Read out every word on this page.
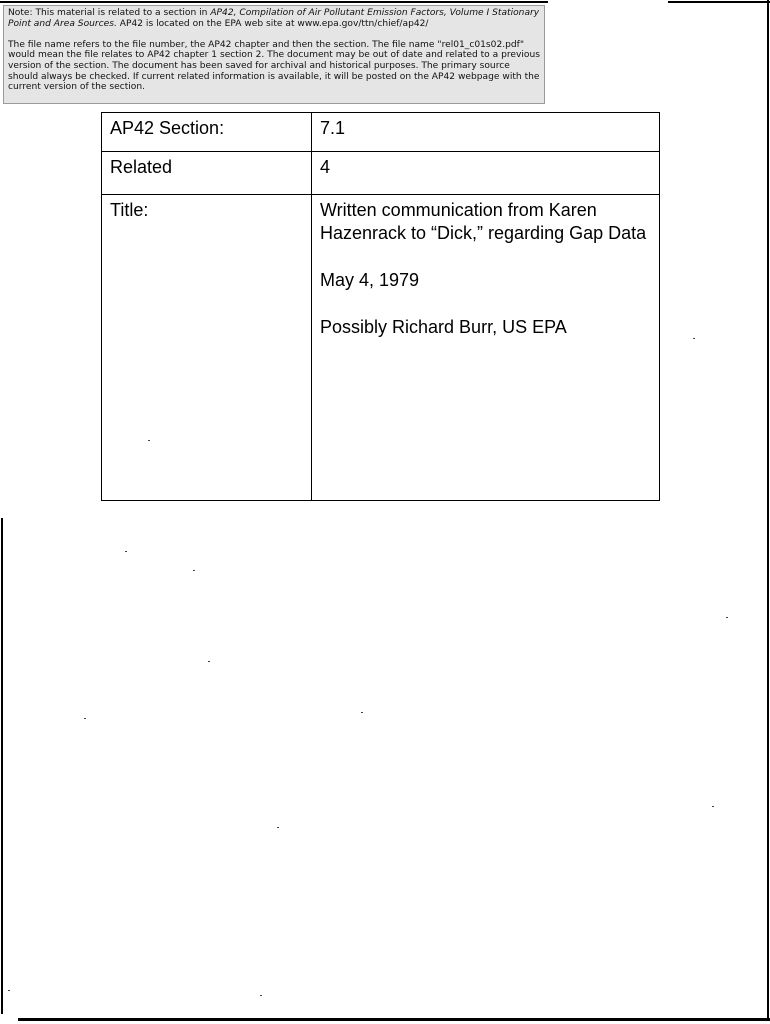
Note: This material is related to a section in AP42, Compilation of Air Pollutant Emission Factors, Volume I Stationary Point and Area Sources. AP42 is located on the EPA web site at www.epa.gov/ttn/chief/ap42/

The file name refers to the file number, the AP42 chapter and then the section. The file name "rel01_c01s02.pdf" would mean the file relates to AP42 chapter 1 section 2. The document may be out of date and related to a previous version of the section. The document has been saved for archival and historical purposes. The primary source should always be checked. If current related information is available, it will be posted on the AP42 webpage with the current version of the section.

AP42 Section:	7.1
Related	4
Title:	Written communication from Karen Hazenrack to “Dick,” regarding Gap Data
May 4, 1979
Possibly Richard Burr, US EPA
